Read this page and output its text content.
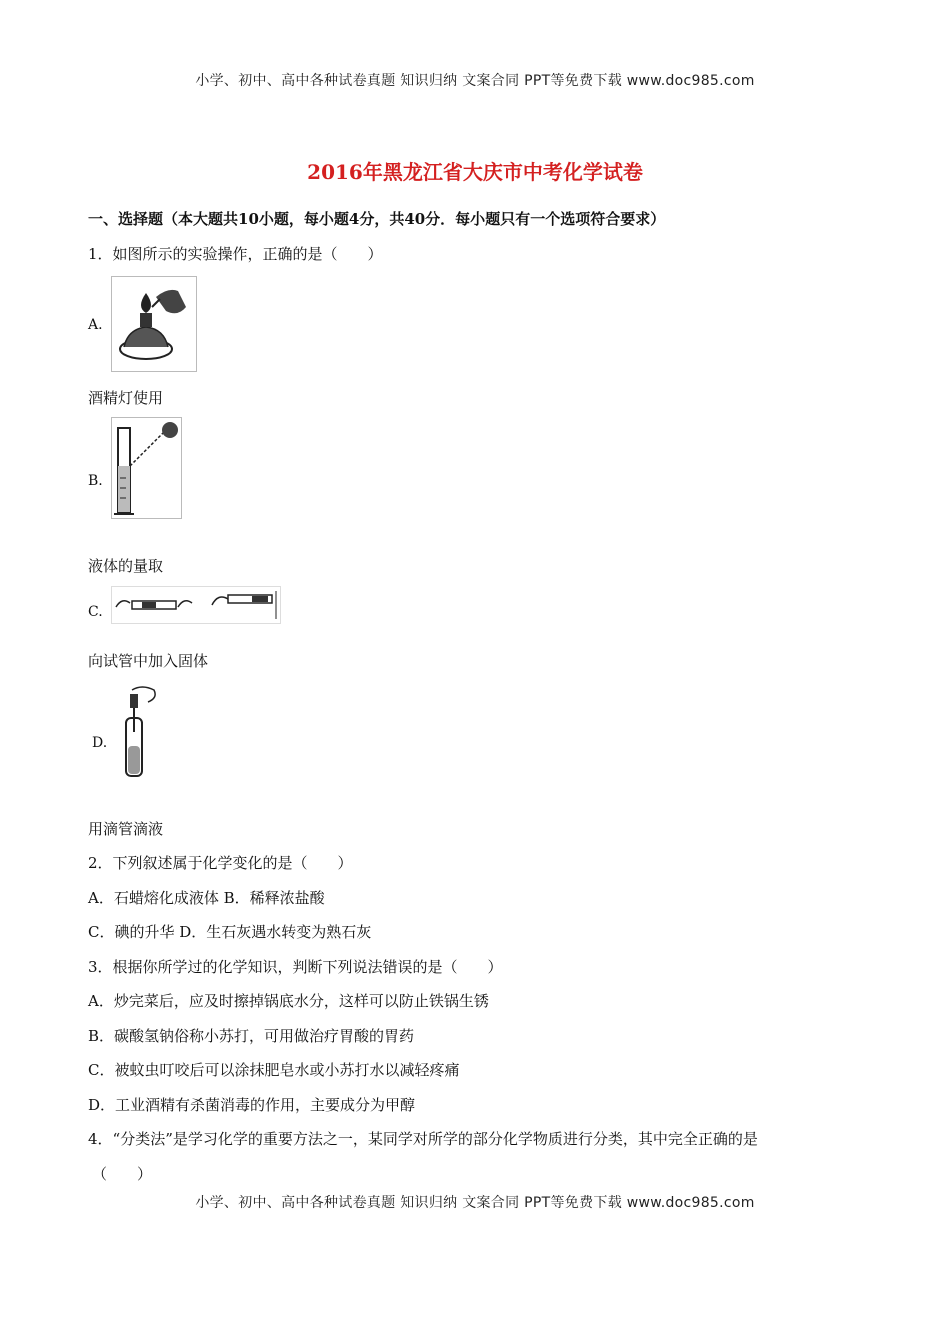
小学、初中、高中各种试卷真题 知识归纳 文案合同 PPT等免费下载 www.doc985.com
2016年黑龙江省大庆市中考化学试卷
一、选择题（本大题共10小题，每小题4分，共40分．每小题只有一个选项符合要求）
1．如图所示的实验操作，正确的是（　　）
A.
酒精灯使用
B.
液体的量取
C.
向试管中加入固体
D.
用滴管滴液
2．下列叙述属于化学变化的是（　　）
A．石蜡熔化成液体 B．稀释浓盐酸
C．碘的升华 D．生石灰遇水转变为熟石灰
3．根据你所学过的化学知识，判断下列说法错误的是（　　）
A．炒完菜后，应及时擦掉锅底水分，这样可以防止铁锅生锈
B．碳酸氢钠俗称小苏打，可用做治疗胃酸的胃药
C．被蚊虫叮咬后可以涂抹肥皂水或小苏打水以减轻疼痛
D．工业酒精有杀菌消毒的作用，主要成分为甲醇
4．“分类法”是学习化学的重要方法之一，某同学对所学的部分化学物质进行分类，其中完全正确的是
（　　）
小学、初中、高中各种试卷真题 知识归纳 文案合同 PPT等免费下载 www.doc985.com
